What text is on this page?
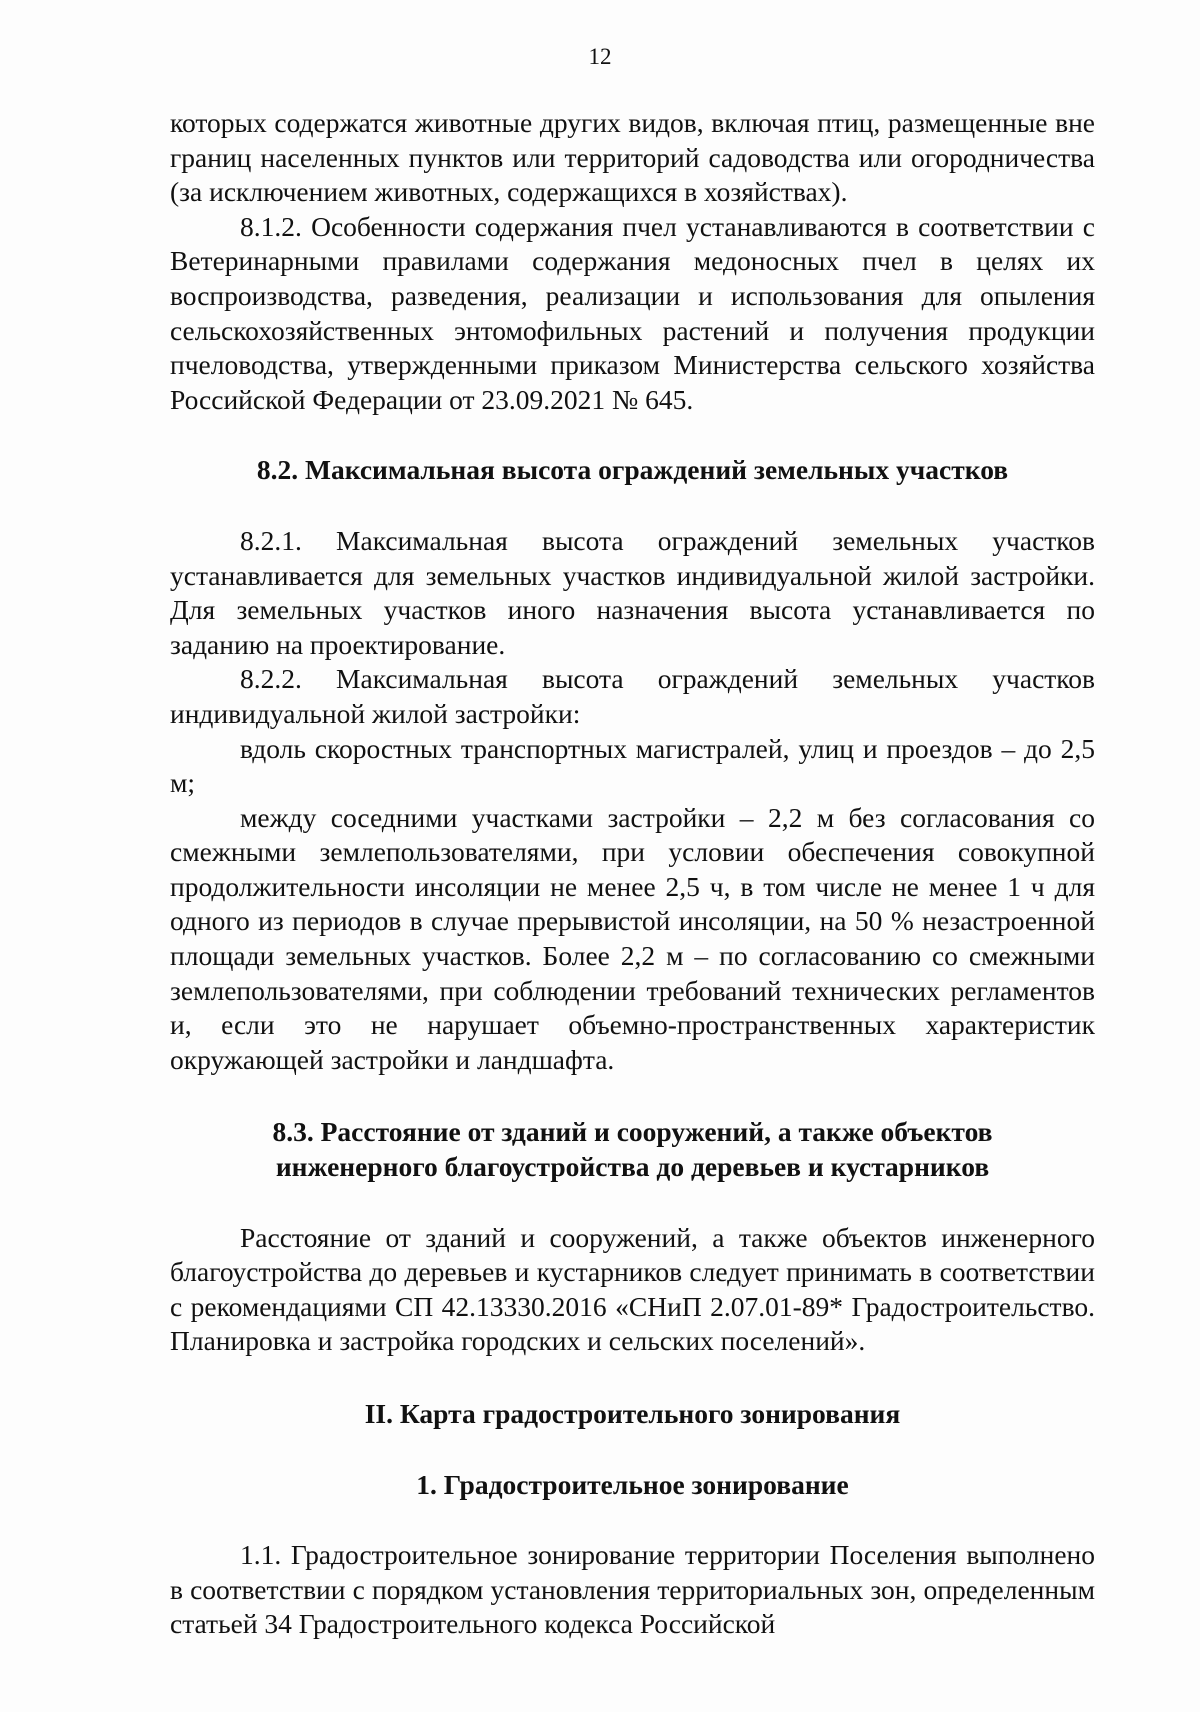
12

которых содержатся животные других видов, включая птиц, размещенные вне границ населенных пунктов или территорий садоводства или огородничества (за исключением животных, содержащихся в хозяйствах).

8.1.2. Особенности содержания пчел устанавливаются в соответствии с Ветеринарными правилами содержания медоносных пчел в целях их воспроизводства, разведения, реализации и использования для опыления сельскохозяйственных энтомофильных растений и получения продукции пчеловодства, утвержденными приказом Министерства сельского хозяйства Российской Федерации от 23.09.2021 № 645.

8.2. Максимальная высота ограждений земельных участков

8.2.1. Максимальная высота ограждений земельных участков устанавливается для земельных участков индивидуальной жилой застройки. Для земельных участков иного назначения высота устанавливается по заданию на проектирование.

8.2.2. Максимальная высота ограждений земельных участков индивидуальной жилой застройки:

вдоль скоростных транспортных магистралей, улиц и проездов – до 2,5 м;

между соседними участками застройки – 2,2 м без согласования со смежными землепользователями, при условии обеспечения совокупной продолжительности инсоляции не менее 2,5 ч, в том числе не менее 1 ч для одного из периодов в случае прерывистой инсоляции, на 50 % незастроенной площади земельных участков. Более 2,2 м – по согласованию со смежными землепользователями, при соблюдении требований технических регламентов и, если это не нарушает объемно-пространственных характеристик окружающей застройки и ландшафта.

8.3. Расстояние от зданий и сооружений, а также объектов
инженерного благоустройства до деревьев и кустарников

Расстояние от зданий и сооружений, а также объектов инженерного благоустройства до деревьев и кустарников следует принимать в соответствии с рекомендациями СП 42.13330.2016 «СНиП 2.07.01-89* Градостроительство. Планировка и застройка городских и сельских поселений».

II. Карта градостроительного зонирования
1. Градостроительное зонирование

1.1. Градостроительное зонирование территории Поселения выполнено в соответствии с порядком установления территориальных зон, определенным статьей 34 Градостроительного кодекса Российской
